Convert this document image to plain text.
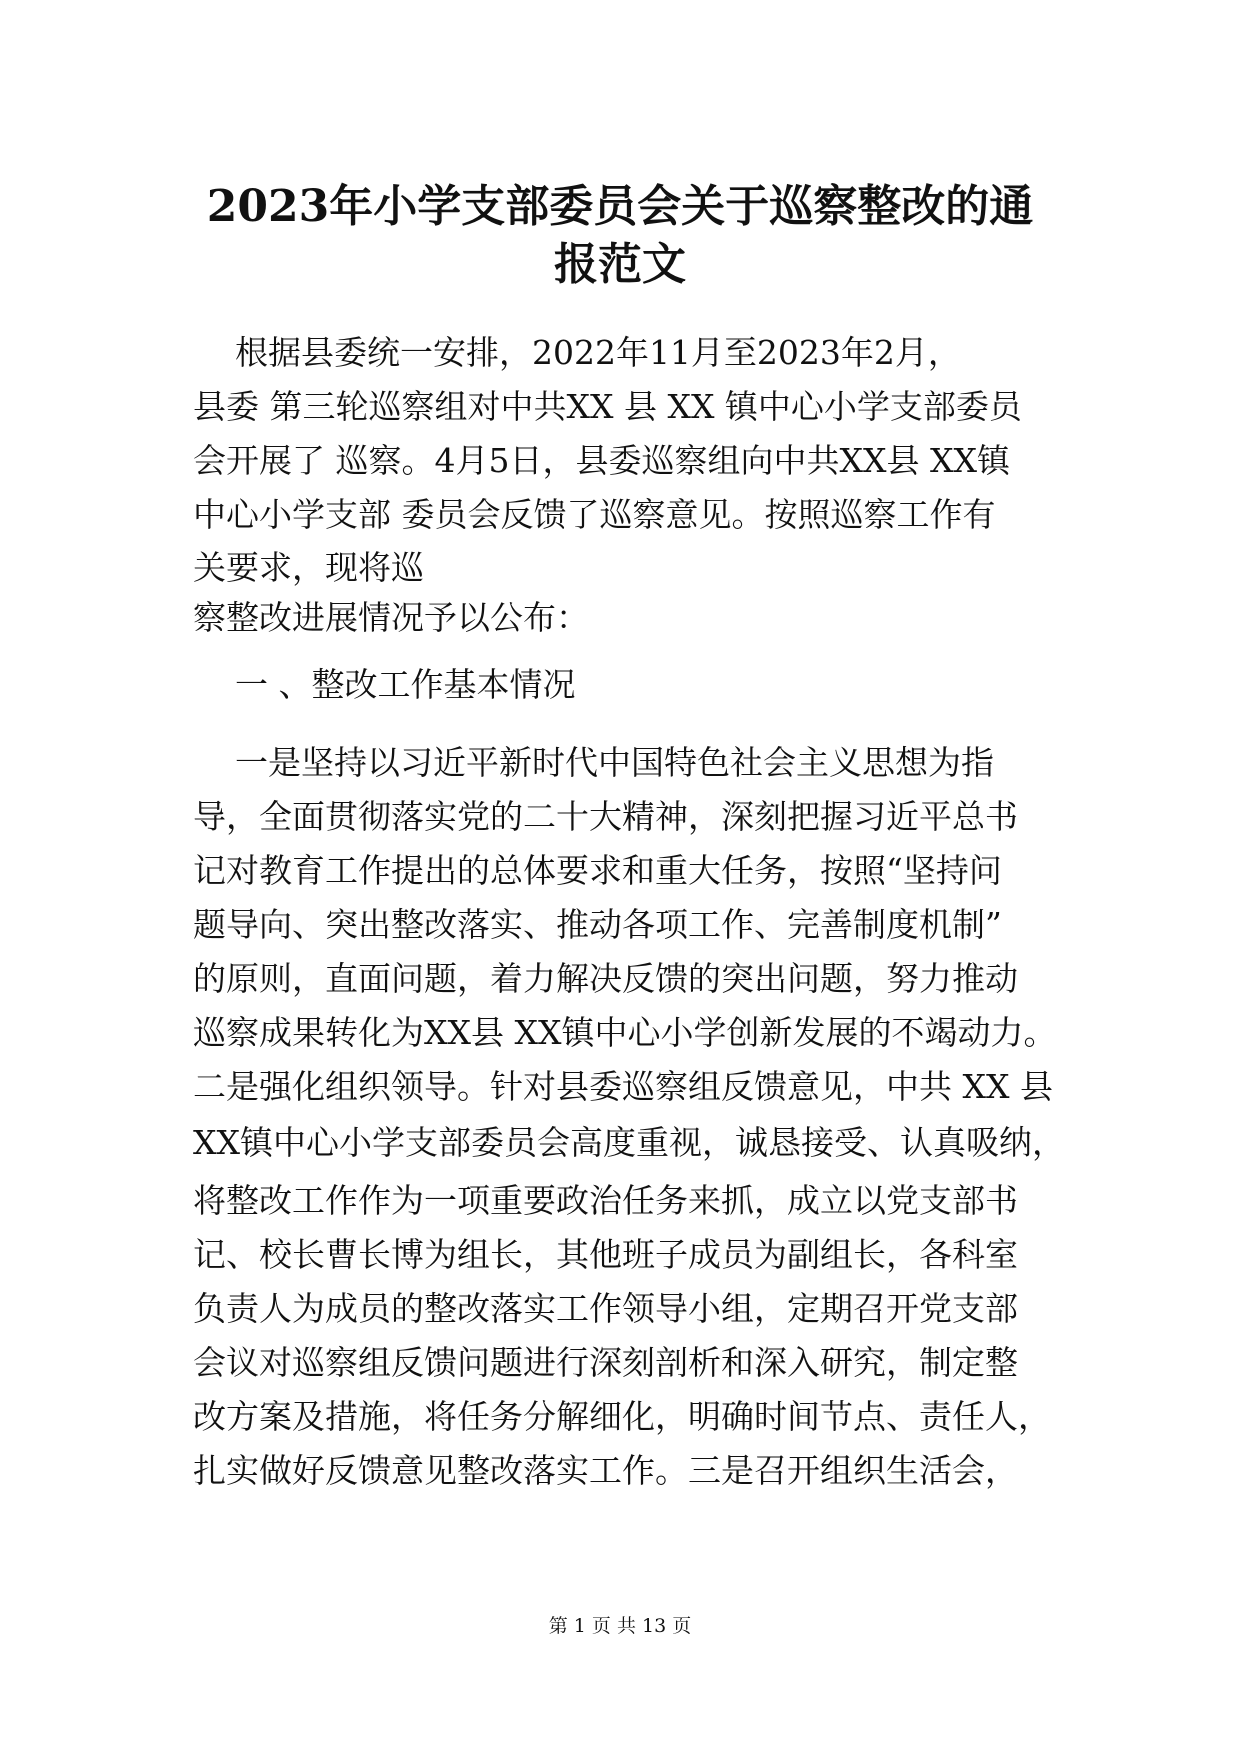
2023年小学支部委员会关于巡察整改的通
报范文

根据县委统一安排，2022年11月至2023年2月，

县委 第三轮巡察组对中共XX 县 XX 镇中心小学支部委员

会开展了 巡察。4月5日，县委巡察组向中共XX县 XX镇

中心小学支部 委员会反馈了巡察意见。按照巡察工作有

关要求，现将巡

察整改进展情况予以公布：

一 、整改工作基本情况

一是坚持以习近平新时代中国特色社会主义思想为指

导，全面贯彻落实党的二十大精神，深刻把握习近平总书

记对教育工作提出的总体要求和重大任务，按照“坚持问

题导向、突出整改落实、推动各项工作、完善制度机制”

的原则，直面问题，着力解决反馈的突出问题，努力推动

巡察成果转化为XX县 XX镇中心小学创新发展的不竭动力。

二是强化组织领导。针对县委巡察组反馈意见，中共 XX 县

XX镇中心小学支部委员会高度重视，诚恳接受、认真吸纳，

将整改工作作为一项重要政治任务来抓，成立以党支部书

记、校长曹长博为组长，其他班子成员为副组长，各科室

负责人为成员的整改落实工作领导小组，定期召开党支部

会议对巡察组反馈问题进行深刻剖析和深入研究，制定整

改方案及措施，将任务分解细化，明确时间节点、责任人，

扎实做好反馈意见整改落实工作。三是召开组织生活会，

第 1 页 共 13 页
